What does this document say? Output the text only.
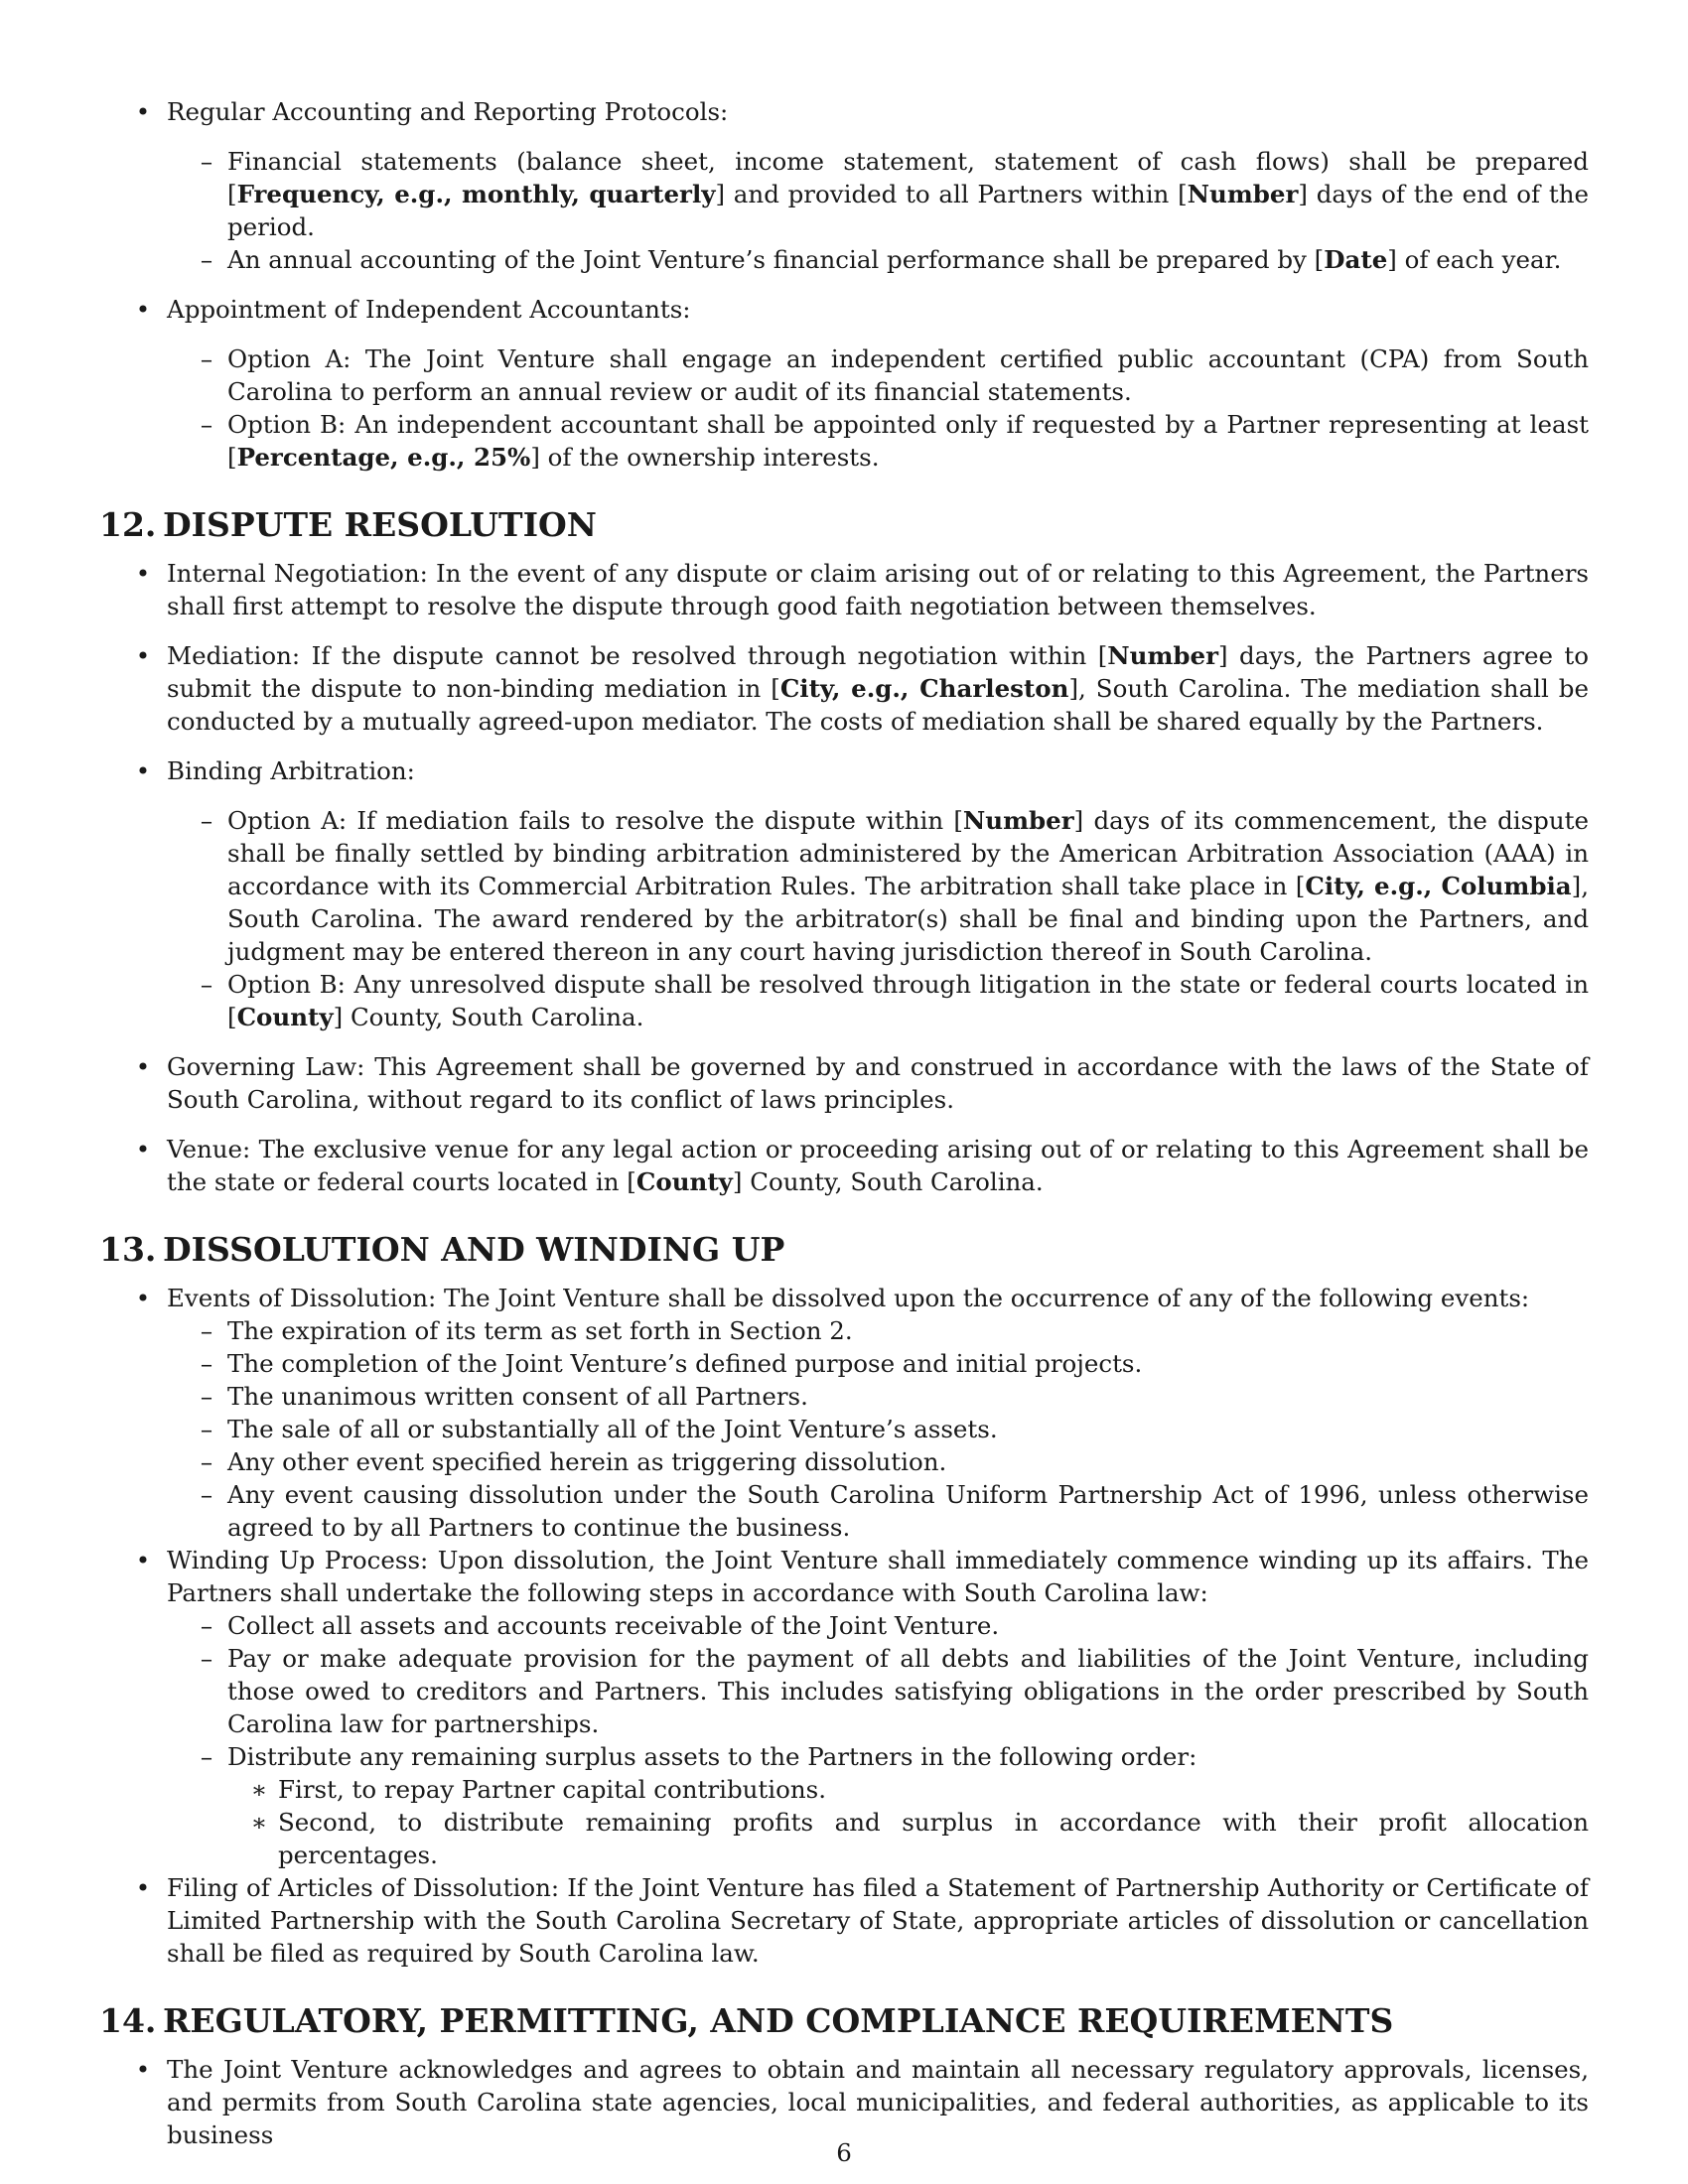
• Regular Accounting and Reporting Protocols:
– Financial statements (balance sheet, income statement, statement of cash flows) shall be prepared [Frequency, e.g., monthly, quarterly] and provided to all Partners within [Number] days of the end of the period.
– An annual accounting of the Joint Venture’s financial performance shall be prepared by [Date] of each year.
• Appointment of Independent Accountants:
– Option A: The Joint Venture shall engage an independent certified public accountant (CPA) from South Carolina to perform an annual review or audit of its financial statements.
– Option B: An independent accountant shall be appointed only if requested by a Partner representing at least [Percentage, e.g., 25%] of the ownership interests.
12. DISPUTE RESOLUTION
• Internal Negotiation: In the event of any dispute or claim arising out of or relating to this Agreement, the Partners shall first attempt to resolve the dispute through good faith negotiation between themselves.
• Mediation: If the dispute cannot be resolved through negotiation within [Number] days, the Partners agree to submit the dispute to non-binding mediation in [City, e.g., Charleston], South Carolina. The mediation shall be conducted by a mutually agreed-upon mediator. The costs of mediation shall be shared equally by the Partners.
• Binding Arbitration:
– Option A: If mediation fails to resolve the dispute within [Number] days of its commencement, the dispute shall be finally settled by binding arbitration administered by the American Arbitration Association (AAA) in accordance with its Commercial Arbitration Rules. The arbitration shall take place in [City, e.g., Columbia], South Carolina. The award rendered by the arbitrator(s) shall be final and binding upon the Partners, and judgment may be entered thereon in any court having jurisdiction thereof in South Carolina.
– Option B: Any unresolved dispute shall be resolved through litigation in the state or federal courts located in [County] County, South Carolina.
• Governing Law: This Agreement shall be governed by and construed in accordance with the laws of the State of South Carolina, without regard to its conflict of laws principles.
• Venue: The exclusive venue for any legal action or proceeding arising out of or relating to this Agreement shall be the state or federal courts located in [County] County, South Carolina.
13. DISSOLUTION AND WINDING UP
• Events of Dissolution: The Joint Venture shall be dissolved upon the occurrence of any of the following events:
– The expiration of its term as set forth in Section 2.
– The completion of the Joint Venture’s defined purpose and initial projects.
– The unanimous written consent of all Partners.
– The sale of all or substantially all of the Joint Venture’s assets.
– Any other event specified herein as triggering dissolution.
– Any event causing dissolution under the South Carolina Uniform Partnership Act of 1996, unless otherwise agreed to by all Partners to continue the business.
• Winding Up Process: Upon dissolution, the Joint Venture shall immediately commence winding up its affairs. The Partners shall undertake the following steps in accordance with South Carolina law:
– Collect all assets and accounts receivable of the Joint Venture.
– Pay or make adequate provision for the payment of all debts and liabilities of the Joint Venture, including those owed to creditors and Partners. This includes satisfying obligations in the order prescribed by South Carolina law for partnerships.
– Distribute any remaining surplus assets to the Partners in the following order:
∗ First, to repay Partner capital contributions.
∗ Second, to distribute remaining profits and surplus in accordance with their profit allocation percentages.
• Filing of Articles of Dissolution: If the Joint Venture has filed a Statement of Partnership Authority or Certificate of Limited Partnership with the South Carolina Secretary of State, appropriate articles of dissolution or cancellation shall be filed as required by South Carolina law.
14. REGULATORY, PERMITTING, AND COMPLIANCE REQUIREMENTS
• The Joint Venture acknowledges and agrees to obtain and maintain all necessary regulatory approvals, licenses, and permits from South Carolina state agencies, local municipalities, and federal authorities, as applicable to its business
6
